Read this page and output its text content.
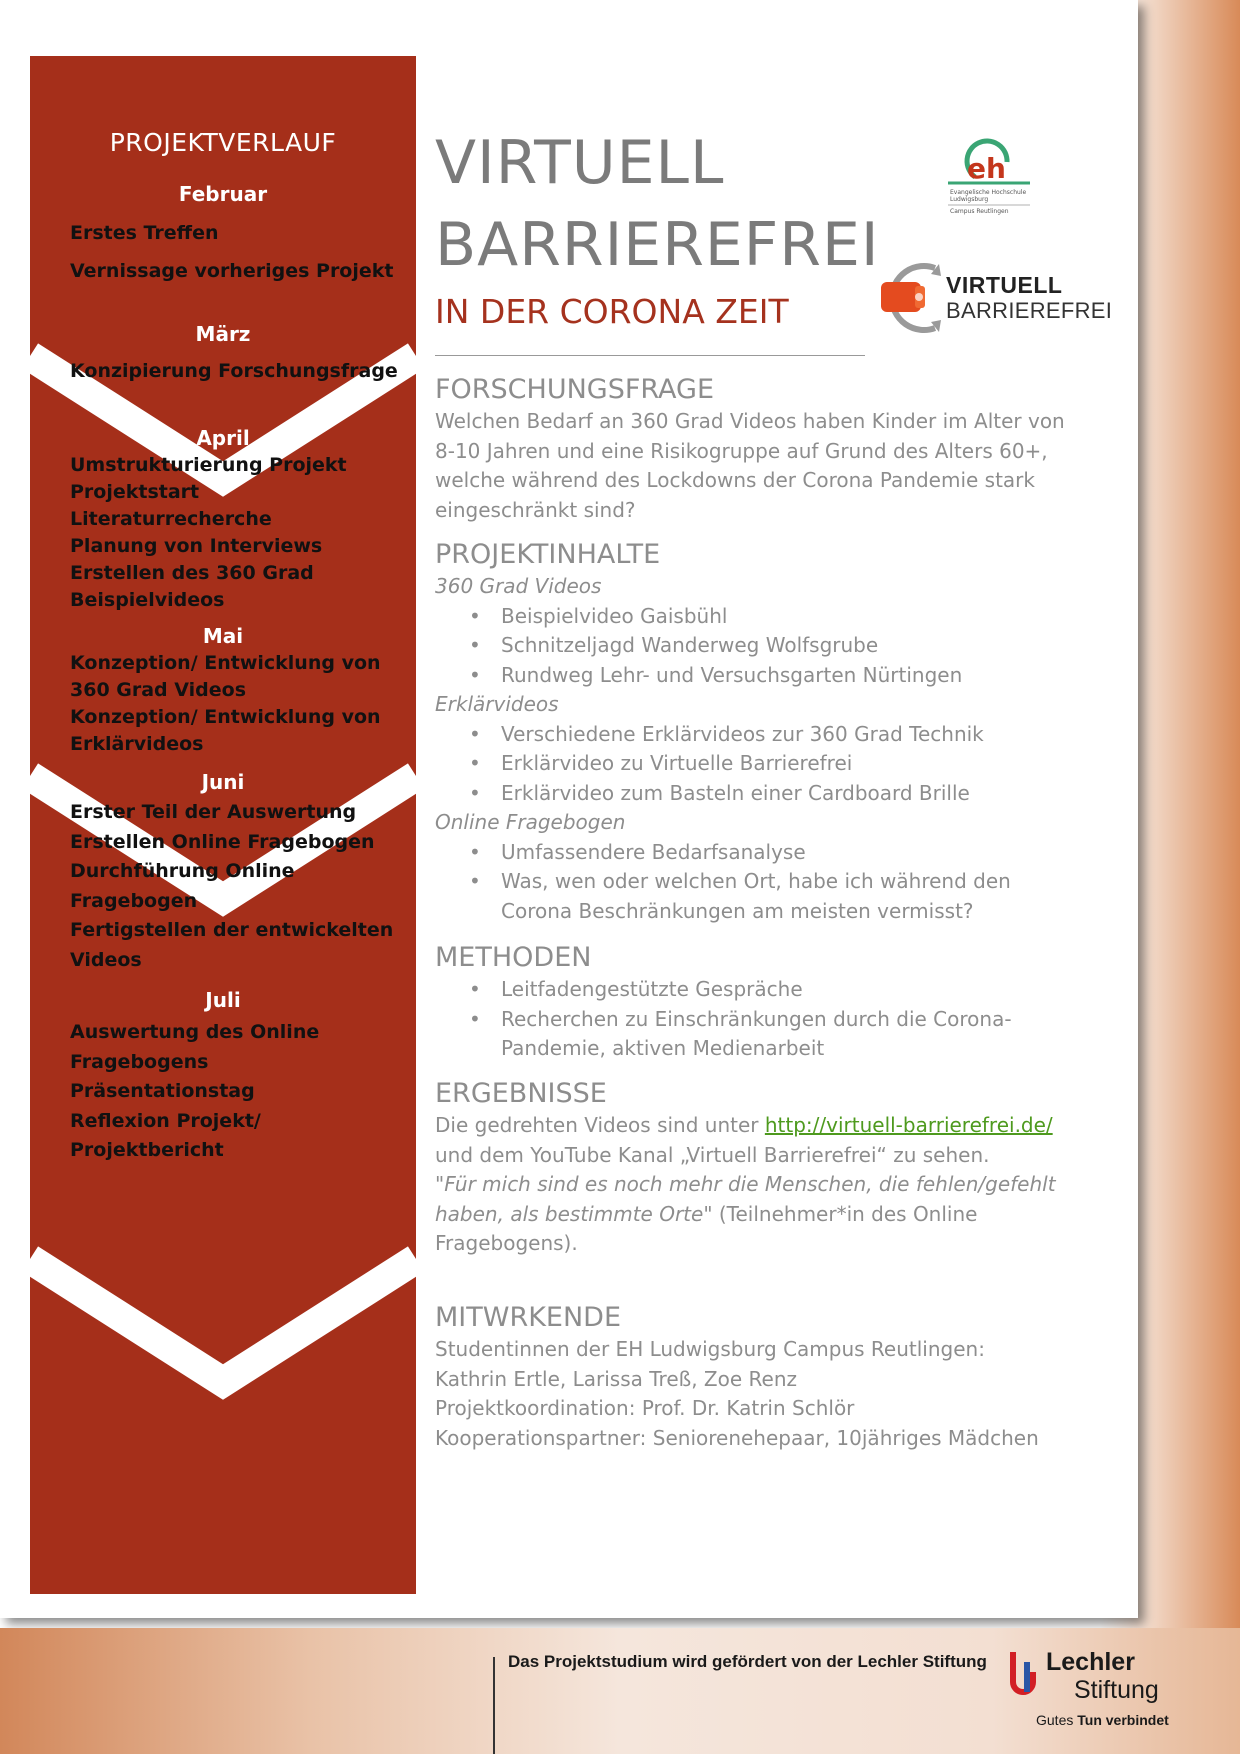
PROJEKTVERLAUF
Februar
Erstes Treffen
Vernissage vorheriges Projekt
März
Konzipierung Forschungsfrage
April
Umstrukturierung Projekt
Projektstart
Literaturrecherche
Planung von Interviews
Erstellen des 360 Grad Beispielvideos
Mai
Konzeption/ Entwicklung von 360 Grad Videos
Konzeption/ Entwicklung von Erklärvideos
Juni
Erster Teil der Auswertung
Erstellen Online Fragebogen
Durchführung Online Fragebogen
Fertigstellen der entwickelten Videos
Juli
Auswertung des Online Fragebogens
Präsentationstag
Reflexion Projekt/ Projektbericht
VIRTUELL
BARRIEREFREI
IN DER CORONA ZEIT
eh
Evangelische Hochschule
Ludwigsburg
Campus Reutlingen
VIRTUELL
BARRIEREFREI
FORSCHUNGSFRAGE
Welchen Bedarf an 360 Grad Videos haben Kinder im Alter von 8-10 Jahren und eine Risikogruppe auf Grund des Alters 60+, welche während des Lockdowns der Corona Pandemie stark eingeschränkt sind?
PROJEKTINHALTE
360 Grad Videos
• Beispielvideo Gaisbühl
• Schnitzeljagd Wanderweg Wolfsgrube
• Rundweg Lehr- und Versuchsgarten Nürtingen
Erklärvideos
• Verschiedene Erklärvideos zur 360 Grad Technik
• Erklärvideo zu Virtuelle Barrierefrei
• Erklärvideo zum Basteln einer Cardboard Brille
Online Fragebogen
• Umfassendere Bedarfsanalyse
• Was, wen oder welchen Ort, habe ich während den Corona Beschränkungen am meisten vermisst?
METHODEN
• Leitfadengestützte Gespräche
• Recherchen zu Einschränkungen durch die Corona-Pandemie, aktiven Medienarbeit
ERGEBNISSE
Die gedrehten Videos sind unter http://virtuell-barrierefrei.de/ und dem YouTube Kanal „Virtuell Barrierefrei“ zu sehen.
"Für mich sind es noch mehr die Menschen, die fehlen/gefehlt haben, als bestimmte Orte" (Teilnehmer*in des Online Fragebogens).
MITWRKENDE
Studentinnen der EH Ludwigsburg Campus Reutlingen:
Kathrin Ertle, Larissa Treß, Zoe Renz
Projektkoordination: Prof. Dr. Katrin Schlör
Kooperationspartner: Seniorenehepaar, 10jähriges Mädchen
Das Projektstudium wird gefördert von der Lechler Stiftung Lechler
Stiftung
Gutes Tun verbindet
